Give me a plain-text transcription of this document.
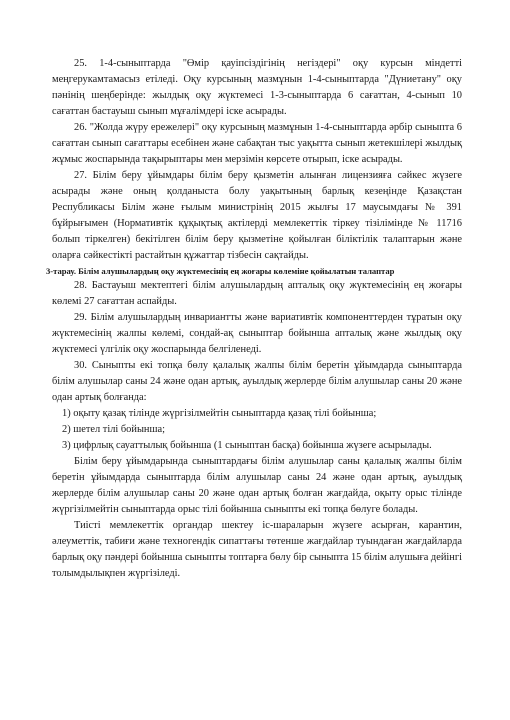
25. 1-4-сыныптарда "Өмір қауіпсіздігінің негіздері" оқу курсын міндетті меңгерукамтамасыз етіледі. Оқу курсының мазмұнын 1-4-сыныптарда "Дүниетану" оқу пәнінің шеңберінде: жылдық оқу жүктемесі 1-3-сыныптарда 6 сағаттан, 4-сынып 10 сағаттан бастауыш сынып мұғалімдері іске асырады.

26. "Жолда жүру ережелері" оқу курсының мазмұнын 1-4-сыныптарда әрбір сыныпта 6 сағаттан сынып сағаттары есебінен және сабақтан тыс уақытта сынып жетекшілері жылдық жұмыс жоспарында тақырыптары мен мерзімін көрсете отырып, іске асырады.

27. Білім беру ұйымдары білім беру қызметін алынған лицензияға сәйкес жүзеге асырады және оның қолданыста болу уақытының барлық кезеңінде Қазақстан Республикасы Білім және ғылым министрінің 2015 жылғы 17 маусымдағы № 391 бұйрығымен (Нормативтік құқықтық актілерді мемлекеттік тіркеу тізілімінде № 11716 болып тіркелген) бекітілген білім беру қызметіне қойылған біліктілік талаптарын және оларға сәйкестікті растайтын құжаттар тізбесін сақтайды.

3-тарау. Білім алушылардың оқу жүктемесінің ең жоғары көлеміне қойылатын талаптар

28. Бастауыш мектептегі білім алушылардың апталық оқу жүктемесінің ең жоғары көлемі 27 сағаттан аспайды.

29. Білім алушылардың инвариантты және вариативтік компоненттерден тұратын оқу жүктемесінің жалпы көлемі, сондай-ақ сыныптар бойынша апталық және жылдық оқу жүктемесі үлгілік оқу жоспарында белгіленеді.

30. Сыныпты екі топқа бөлу қалалық жалпы білім беретін ұйымдарда сыныптарда білім алушылар саны 24 және одан артық, ауылдық жерлерде білім алушылар саны 20 және одан артық болғанда:

1) оқыту қазақ тілінде жүргізілмейтін сыныптарда қазақ тілі бойынша;

2) шетел тілі бойынша;

3) цифрлық сауаттылық бойынша (1 сыныптан басқа) бойынша жүзеге асырылады.

Білім беру ұйымдарында сыныптардағы білім алушылар саны қалалық жалпы білім беретін ұйымдарда сыныптарда білім алушылар саны 24 және одан артық, ауылдық жерлерде білім алушылар саны 20 және одан артық болған жағдайда, оқыту орыс тілінде жүргізілмейтін сыныптарда орыс тілі бойынша сыныпты екі топқа бөлуге болады.

Тиісті мемлекеттік органдар шектеу іс-шараларын жүзеге асырған, карантин, әлеуметтік, табиғи және техногендік сипаттағы төтенше жағдайлар туындаған жағдайларда барлық оқу пәндері бойынша сыныпты топтарға бөлу бір сыныпта 15 білім алушыға дейінгі толымдылықпен жүргізіледі.
